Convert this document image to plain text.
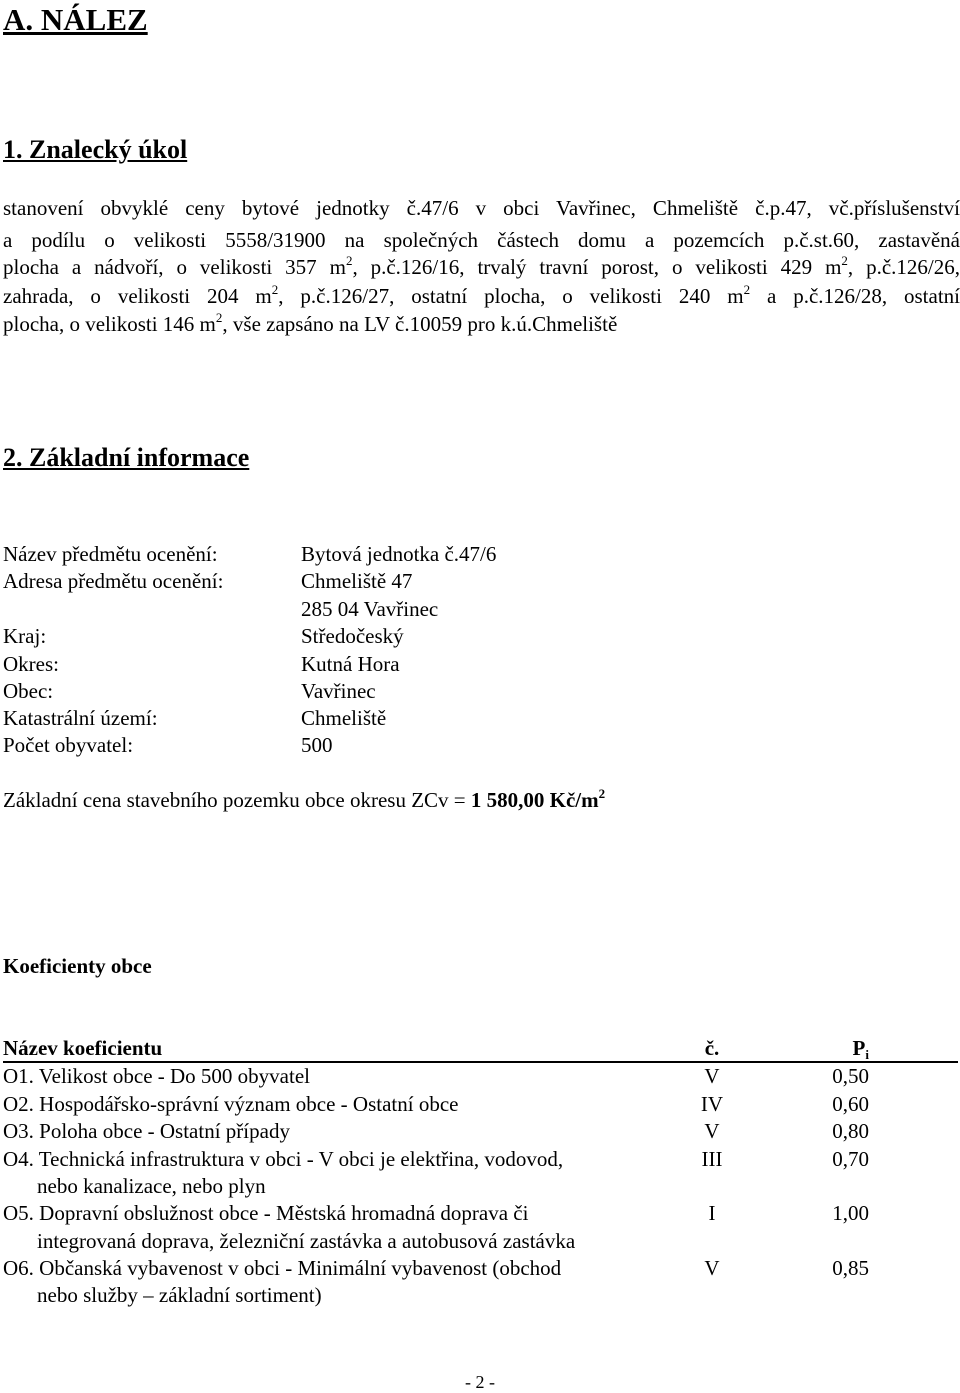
A. NÁLEZ
1. Znalecký úkol
stanovení obvyklé ceny bytové jednotky č.47/6 v obci Vavřinec, Chmeliště č.p.47, vč.příslušenství
a podílu o velikosti 5558/31900 na společných částech domu a pozemcích p.č.st.60, zastavěná
plocha a nádvoří, o velikosti 357 $m^2$, p.č.126/16, trvalý travní porost, o velikosti 429 $m^2$, p.č.126/26,
zahrada, o velikosti 204 $m^2$, p.č.126/27, ostatní plocha, o velikosti 240 $m^2$ a p.č.126/28, ostatní
plocha, o velikosti 146 $m^2$, vše zapsáno na LV č.10059 pro k.ú.Chmeliště
2. Základní informace
Název předmětu ocenění:	Bytová jednotka č.47/6
Adresa předmětu ocenění:	Chmeliště 47
285 04 Vavřinec
Kraj:	Středočeský
Okres:	Kutná Hora
Obec:	Vavřinec
Katastrální území:	Chmeliště
Počet obyvatel:	500
Základní cena stavebního pozemku obce okresu ZCv = 1 580,00 $Kč/m^2$
Koeficienty obce
Název koeficientu	č.	$P_i$
O1. Velikost obce - Do 500 obyvatel	V	0,50
O2. Hospodářsko-správní význam obce - Ostatní obce	IV	0,60
O3. Poloha obce - Ostatní případy	V	0,80
O4. Technická infrastruktura v obci - V obci je elektřina, vodovod,	III	0,70
nebo kanalizace, nebo plyn
O5. Dopravní obslužnost obce - Městská hromadná doprava či	I	1,00
integrovaná doprava, železniční zastávka a autobusová zastávka
O6. Občanská vybavenost v obci - Minimální vybavenost (obchod	V	0,85
nebo služby – základní sortiment)
- 2 -
